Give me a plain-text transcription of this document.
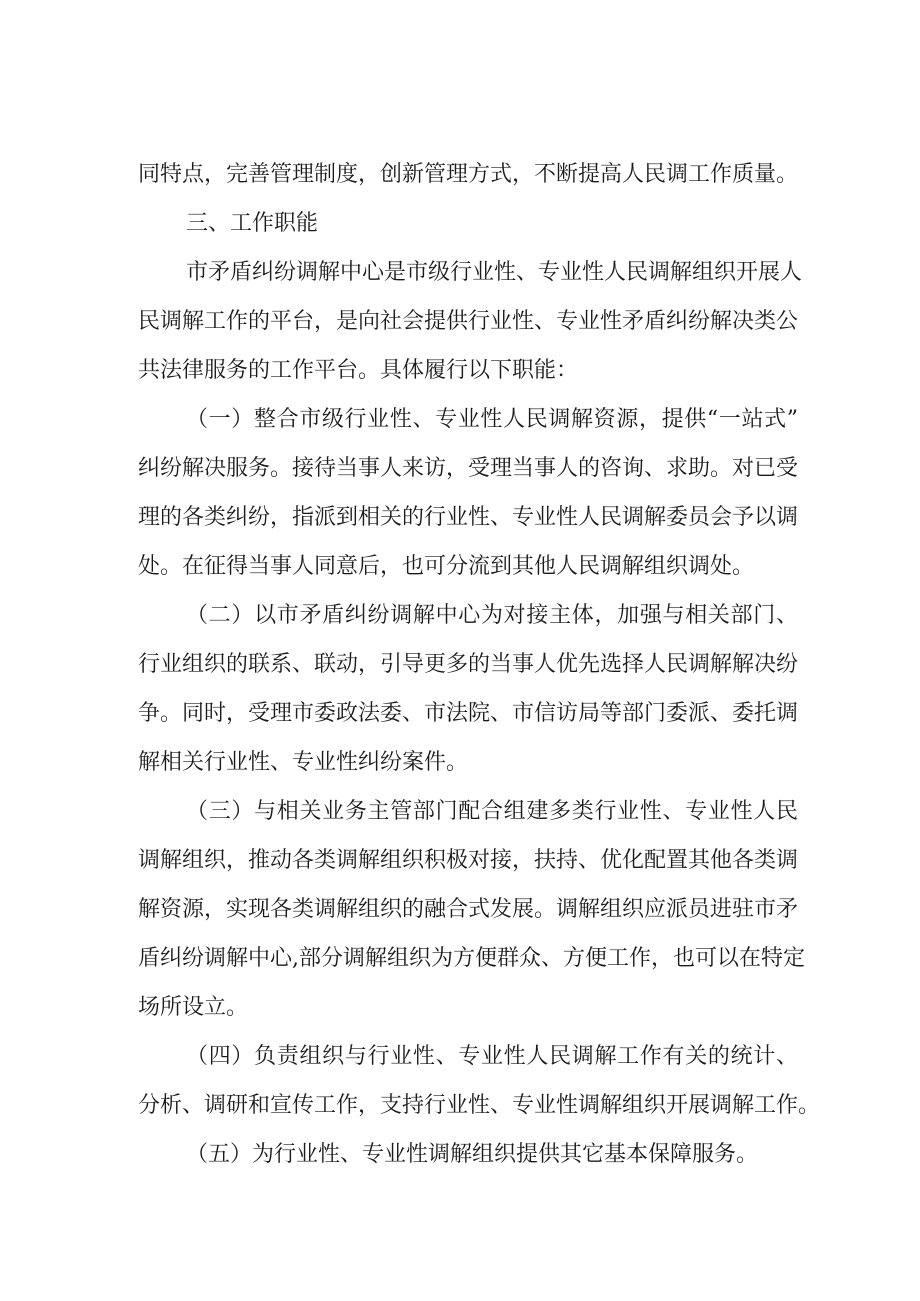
同特点，完善管理制度，创新管理方式，不断提高人民调工作质量。
三、工作职能
市矛盾纠纷调解中心是市级行业性、专业性人民调解组织开展人
民调解工作的平台，是向社会提供行业性、专业性矛盾纠纷解决类公
共法律服务的工作平台。具体履行以下职能：
（一）整合市级行业性、专业性人民调解资源，提供“一站式”
纠纷解决服务。接待当事人来访，受理当事人的咨询、求助。对已受
理的各类纠纷，指派到相关的行业性、专业性人民调解委员会予以调
处。在征得当事人同意后，也可分流到其他人民调解组织调处。
（二）以市矛盾纠纷调解中心为对接主体，加强与相关部门、
行业组织的联系、联动，引导更多的当事人优先选择人民调解解决纷
争。同时，受理市委政法委、市法院、市信访局等部门委派、委托调
解相关行业性、专业性纠纷案件。
（三）与相关业务主管部门配合组建多类行业性、专业性人民
调解组织，推动各类调解组织积极对接，扶持、优化配置其他各类调
解资源，实现各类调解组织的融合式发展。调解组织应派员进驻市矛
盾纠纷调解中心,部分调解组织为方便群众、方便工作，也可以在特定
场所设立。
（四）负责组织与行业性、专业性人民调解工作有关的统计、
分析、调研和宣传工作，支持行业性、专业性调解组织开展调解工作。
（五）为行业性、专业性调解组织提供其它基本保障服务。
